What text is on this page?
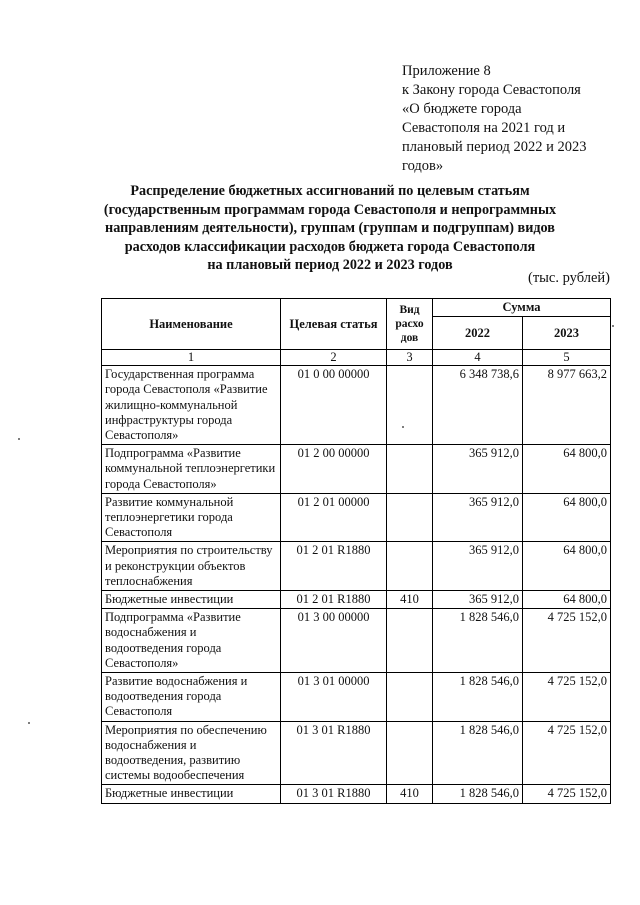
Приложение 8
к Закону города Севастополя
«О бюджете города
Севастополя на 2021 год и
плановый период 2022 и 2023
годов»
Распределение бюджетных ассигнований по целевым статьям
(государственным программам города Севастополя и непрограммных
направлениям деятельности), группам (группам и подгруппам) видов
расходов классификации расходов бюджета города Севастополя
на плановый период 2022 и 2023 годов
(тыс. рублей)
Наименование	Целевая статья	Вид расхо дов	Сумма	
			2022	2023
1	2	3	4	5
Государственная программа города Севастополя «Развитие жилищно-коммунальной инфраструктуры города Севастополя»	01 0 00 00000		6 348 738,6	8 977 663,2
Подпрограмма «Развитие коммунальной теплоэнергетики города Севастополя»	01 2 00 00000		365 912,0	64 800,0
Развитие коммунальной теплоэнергетики города Севастополя	01 2 01 00000		365 912,0	64 800,0
Мероприятия по строительству и реконструкции объектов теплоснабжения	01 2 01 R1880		365 912,0	64 800,0
Бюджетные инвестиции	01 2 01 R1880	410	365 912,0	64 800,0
Подпрограмма «Развитие водоснабжения и водоотведения города Севастополя»	01 3 00 00000		1 828 546,0	4 725 152,0
Развитие водоснабжения и водоотведения города Севастополя	01 3 01 00000		1 828 546,0	4 725 152,0
Мероприятия по обеспечению водоснабжения и водоотведения, развитию системы водообеспечения	01 3 01 R1880		1 828 546,0	4 725 152,0
Бюджетные инвестиции	01 3 01 R1880	410	1 828 546,0	4 725 152,0
